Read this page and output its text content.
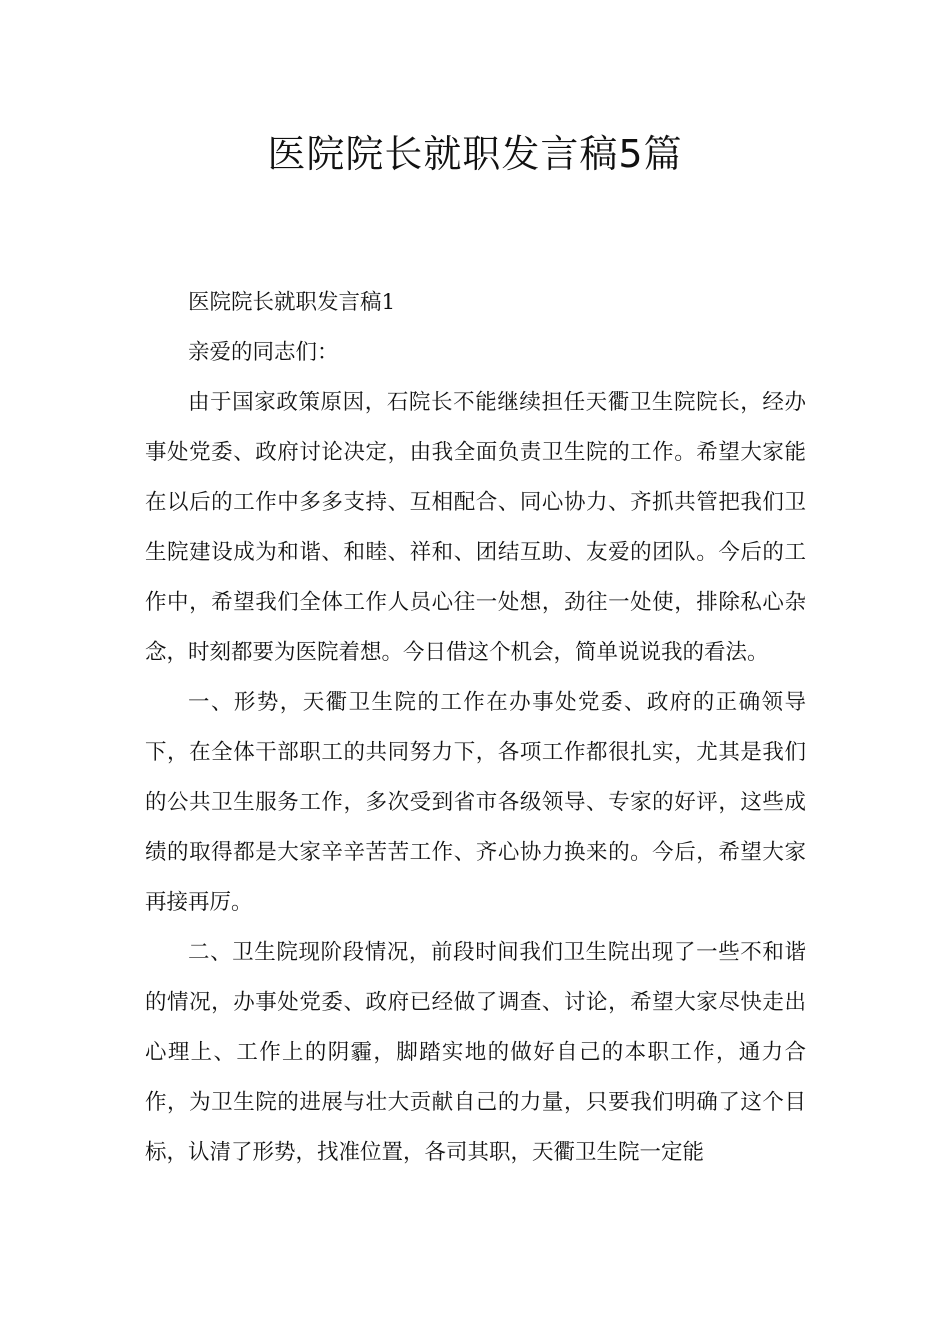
医院院长就职发言稿5篇

医院院长就职发言稿1

亲爱的同志们：

由于国家政策原因，石院长不能继续担任天衢卫生院院长，经办事处党委、政府讨论决定，由我全面负责卫生院的工作。希望大家能在以后的工作中多多支持、互相配合、同心协力、齐抓共管把我们卫生院建设成为和谐、和睦、祥和、团结互助、友爱的团队。今后的工作中，希望我们全体工作人员心往一处想，劲往一处使，排除私心杂念，时刻都要为医院着想。今日借这个机会，简单说说我的看法。

一、形势，天衢卫生院的工作在办事处党委、政府的正确领导下，在全体干部职工的共同努力下，各项工作都很扎实，尤其是我们的公共卫生服务工作，多次受到省市各级领导、专家的好评，这些成绩的取得都是大家辛辛苦苦工作、齐心协力换来的。今后，希望大家再接再厉。

二、卫生院现阶段情况，前段时间我们卫生院出现了一些不和谐的情况，办事处党委、政府已经做了调查、讨论，希望大家尽快走出心理上、工作上的阴霾，脚踏实地的做好自己的本职工作，通力合作，为卫生院的进展与壮大贡献自己的力量，只要我们明确了这个目标，认清了形势，找准位置，各司其职，天衢卫生院一定能
